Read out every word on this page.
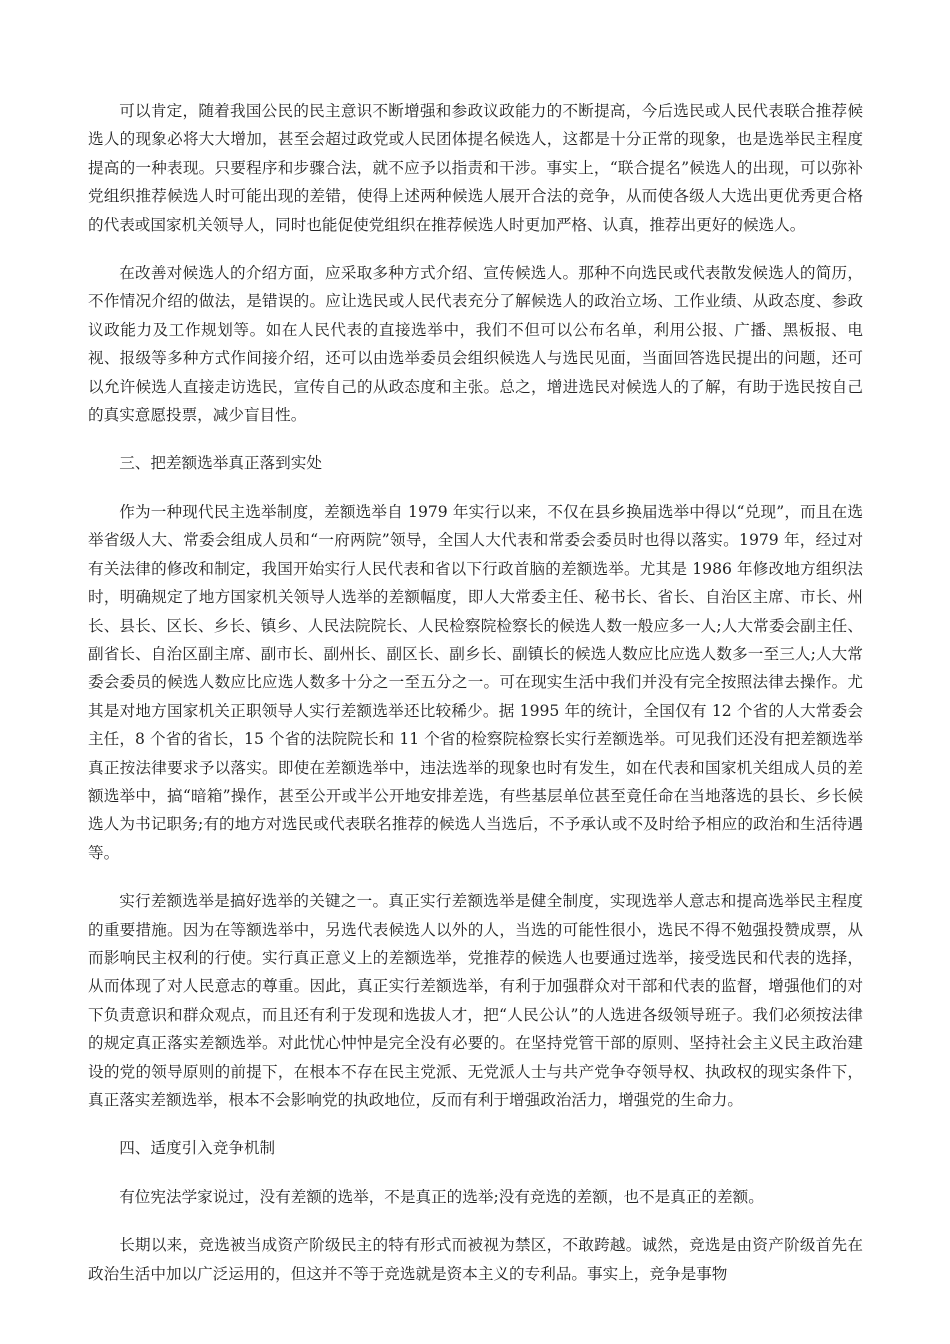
可以肯定，随着我国公民的民主意识不断增强和参政议政能力的不断提高，今后选民或人民代表联合推荐候选人的现象必将大大增加，甚至会超过政党或人民团体提名候选人，这都是十分正常的现象，也是选举民主程度提高的一种表现。只要程序和步骤合法，就不应予以指责和干涉。事实上，“联合提名”候选人的出现，可以弥补党组织推荐候选人时可能出现的差错，使得上述两种候选人展开合法的竞争，从而使各级人大选出更优秀更合格的代表或国家机关领导人，同时也能促使党组织在推荐候选人时更加严格、认真，推荐出更好的候选人。

在改善对候选人的介绍方面，应采取多种方式介绍、宣传候选人。那种不向选民或代表散发候选人的简历，不作情况介绍的做法，是错误的。应让选民或人民代表充分了解候选人的政治立场、工作业绩、从政态度、参政议政能力及工作规划等。如在人民代表的直接选举中，我们不但可以公布名单，利用公报、广播、黑板报、电视、报级等多种方式作间接介绍，还可以由选举委员会组织候选人与选民见面，当面回答选民提出的问题，还可以允许候选人直接走访选民，宣传自己的从政态度和主张。总之，增进选民对候选人的了解，有助于选民按自己的真实意愿投票，减少盲目性。

三、把差额选举真正落到实处

作为一种现代民主选举制度，差额选举自 1979 年实行以来，不仅在县乡换届选举中得以“兑现”，而且在选举省级人大、常委会组成人员和“一府两院”领导，全国人大代表和常委会委员时也得以落实。1979 年，经过对有关法律的修改和制定，我国开始实行人民代表和省以下行政首脑的差额选举。尤其是 1986 年修改地方组织法时，明确规定了地方国家机关领导人选举的差额幅度，即人大常委主任、秘书长、省长、自治区主席、市长、州长、县长、区长、乡长、镇乡、人民法院院长、人民检察院检察长的候选人数一般应多一人;人大常委会副主任、副省长、自治区副主席、副市长、副州长、副区长、副乡长、副镇长的候选人数应比应选人数多一至三人;人大常委会委员的候选人数应比应选人数多十分之一至五分之一。可在现实生活中我们并没有完全按照法律去操作。尤其是对地方国家机关正职领导人实行差额选举还比较稀少。据 1995 年的统计，全国仅有 12 个省的人大常委会主任，8 个省的省长，15 个省的法院院长和 11 个省的检察院检察长实行差额选举。可见我们还没有把差额选举真正按法律要求予以落实。即使在差额选举中，违法选举的现象也时有发生，如在代表和国家机关组成人员的差额选举中，搞“暗箱”操作，甚至公开或半公开地安排差选，有些基层单位甚至竟任命在当地落选的县长、乡长候选人为书记职务;有的地方对选民或代表联名推荐的候选人当选后，不予承认或不及时给予相应的政治和生活待遇等。

实行差额选举是搞好选举的关键之一。真正实行差额选举是健全制度，实现选举人意志和提高选举民主程度的重要措施。因为在等额选举中，另选代表候选人以外的人，当选的可能性很小，选民不得不勉强投赞成票，从而影响民主权利的行使。实行真正意义上的差额选举，党推荐的候选人也要通过选举，接受选民和代表的选择，从而体现了对人民意志的尊重。因此，真正实行差额选举，有利于加强群众对干部和代表的监督，增强他们的对下负责意识和群众观点，而且还有利于发现和选拔人才，把“人民公认”的人选进各级领导班子。我们必须按法律的规定真正落实差额选举。对此忧心忡忡是完全没有必要的。在坚持党管干部的原则、坚持社会主义民主政治建设的党的领导原则的前提下，在根本不存在民主党派、无党派人士与共产党争夺领导权、执政权的现实条件下，真正落实差额选举，根本不会影响党的执政地位，反而有利于增强政治活力，增强党的生命力。

四、适度引入竞争机制

有位宪法学家说过，没有差额的选举，不是真正的选举;没有竞选的差额，也不是真正的差额。

长期以来，竞选被当成资产阶级民主的特有形式而被视为禁区，不敢跨越。诚然，竞选是由资产阶级首先在政治生活中加以广泛运用的，但这并不等于竞选就是资本主义的专利品。事实上，竞争是事物
